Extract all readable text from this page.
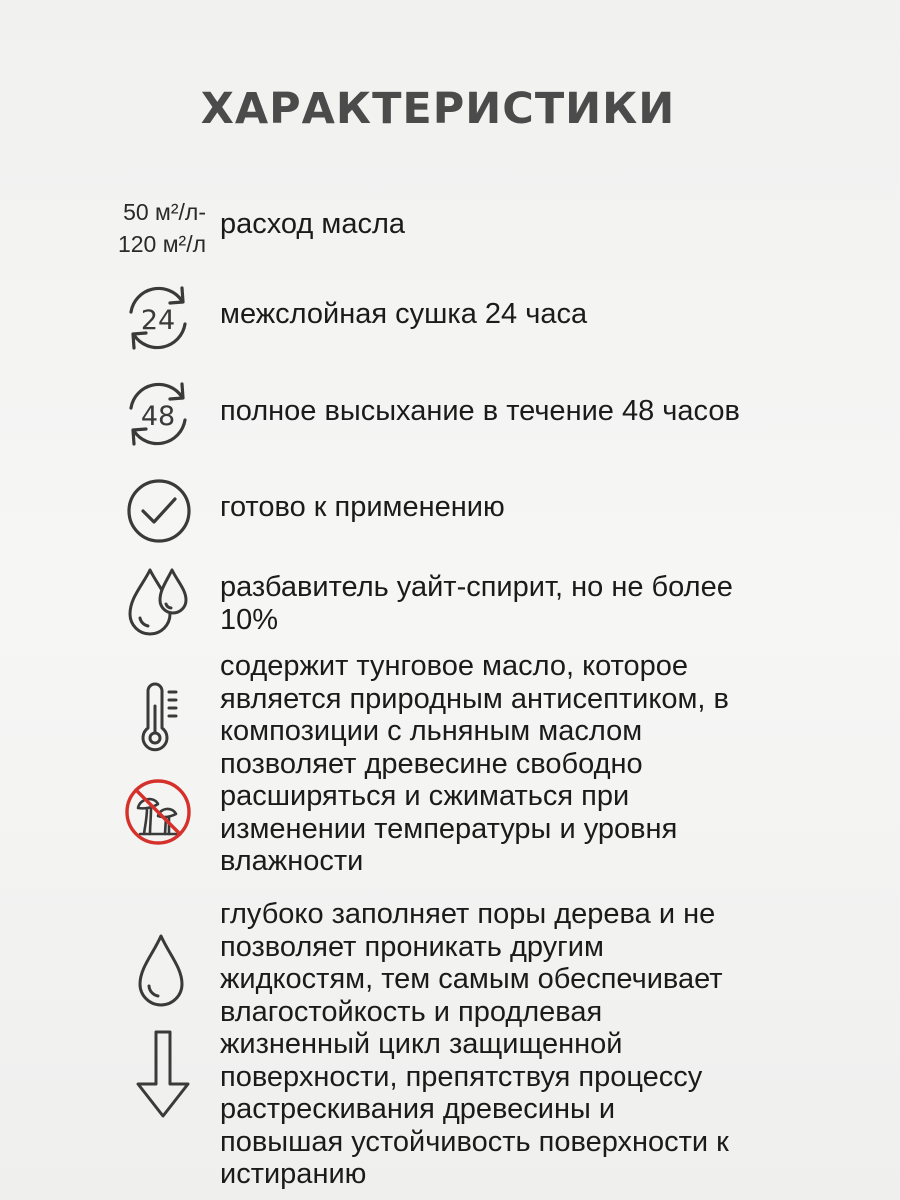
ХАРАКТЕРИСТИКИ
50 м²/л-
120 м²/л
расход масла
24 межслойная сушка 24 часа
48 полное высыхание в течение 48 часов
готово к применению
разбавитель уайт-спирит, но не более
10%
содержит тунговое масло, которое
является природным антисептиком, в
композиции с льняным маслом
позволяет древесине свободно
расширяться и сжиматься при
изменении температуры и уровня
влажности
глубоко заполняет поры дерева и не
позволяет проникать другим
жидкостям, тем самым обеспечивает
влагостойкость и продлевая
жизненный цикл защищенной
поверхности, препятствуя процессу
растрескивания древесины и
повышая устойчивость поверхности к
истиранию
